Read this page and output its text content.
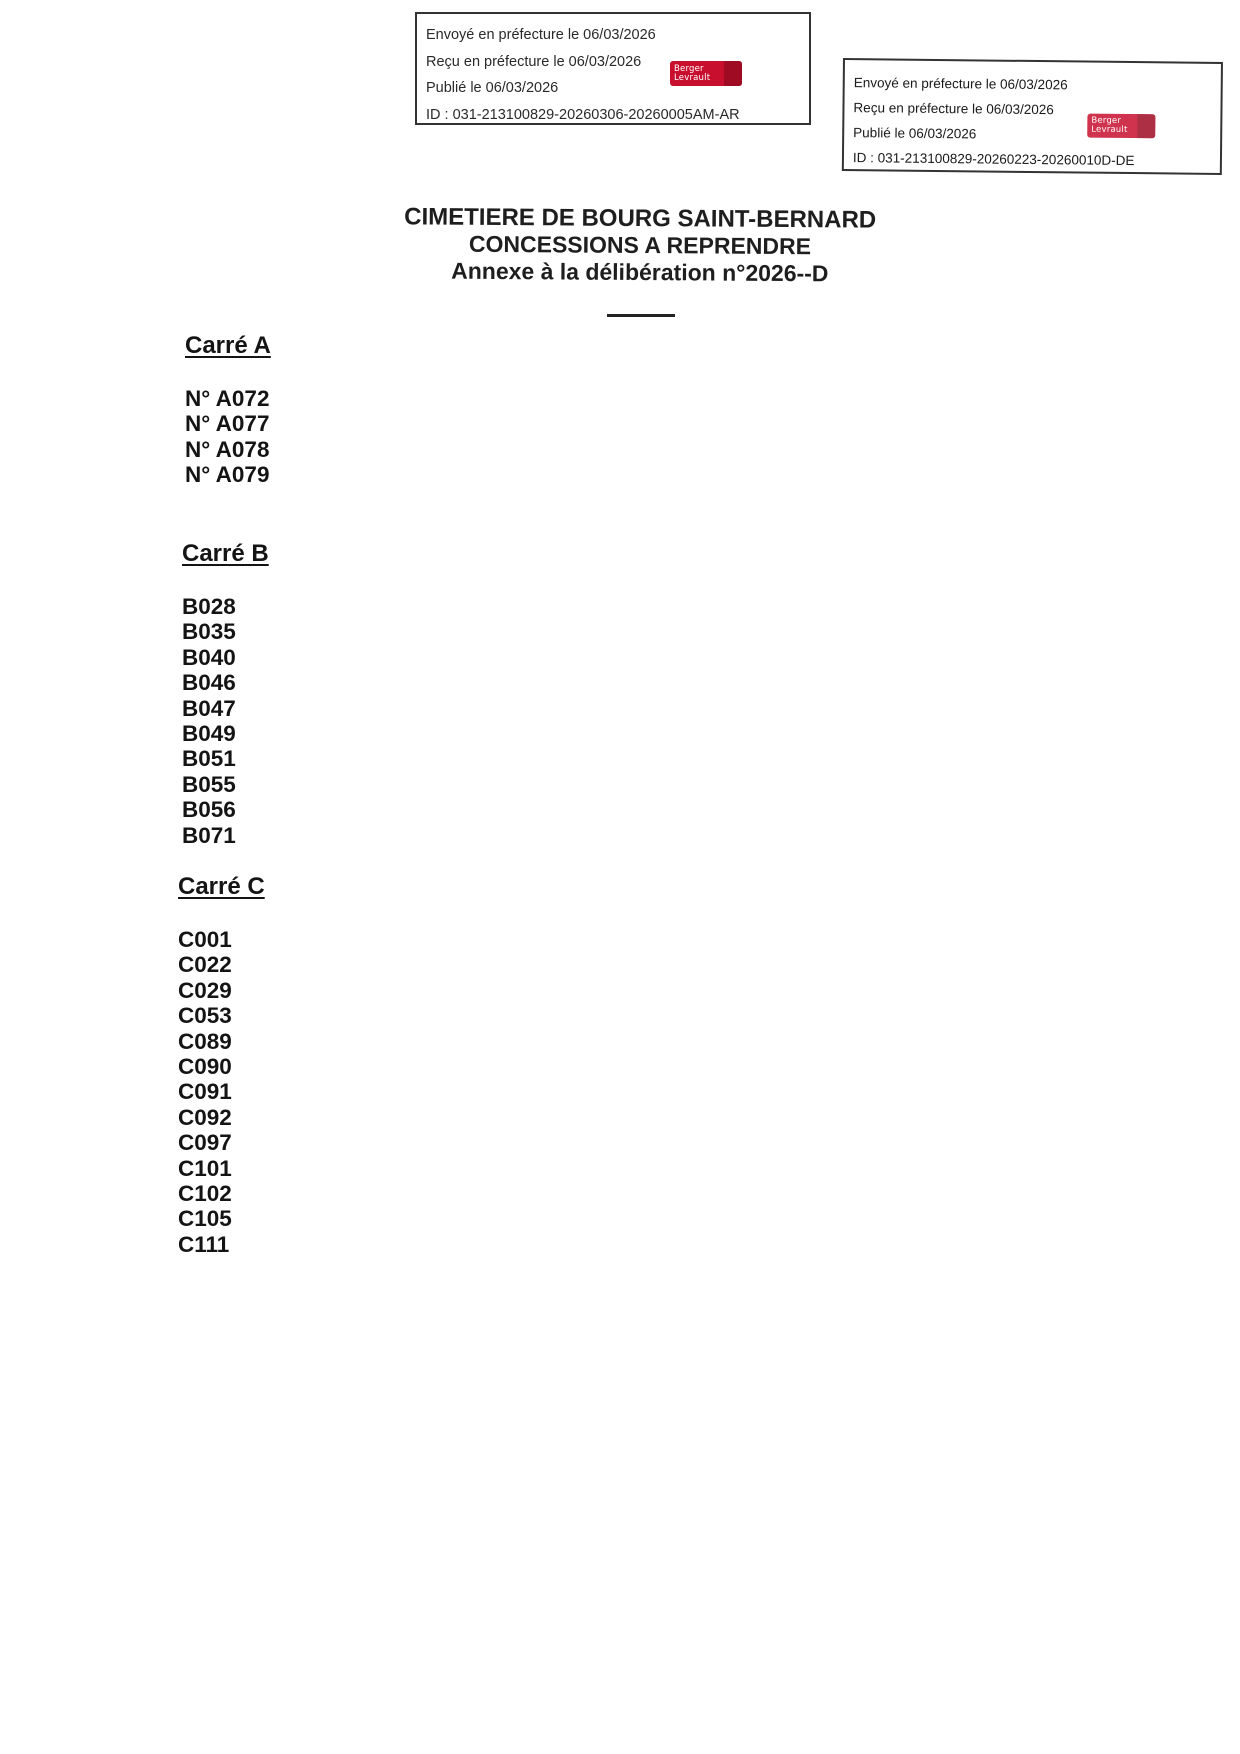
Envoyé en préfecture le 06/03/2026
Reçu en préfecture le 06/03/2026
Publié le 06/03/2026
ID : 031-213100829-20260306-20260005AM-AR
Berger
Levrault	Envoyé en préfecture le 06/03/2026
Reçu en préfecture le 06/03/2026
Publié le 06/03/2026
ID : 031-213100829-20260223-20260010D-DE
Berger
Levrault
CIMETIERE DE BOURG SAINT-BERNARD
CONCESSIONS A REPRENDRE
Annexe à la délibération n°2026--D
Carré A
N° A072
N° A077
N° A078
N° A079
Carré B
B028
B035
B040
B046
B047
B049
B051
B055
B056
B071
Carré C
C001
C022
C029
C053
C089
C090
C091
C092
C097
C101
C102
C105
C111
